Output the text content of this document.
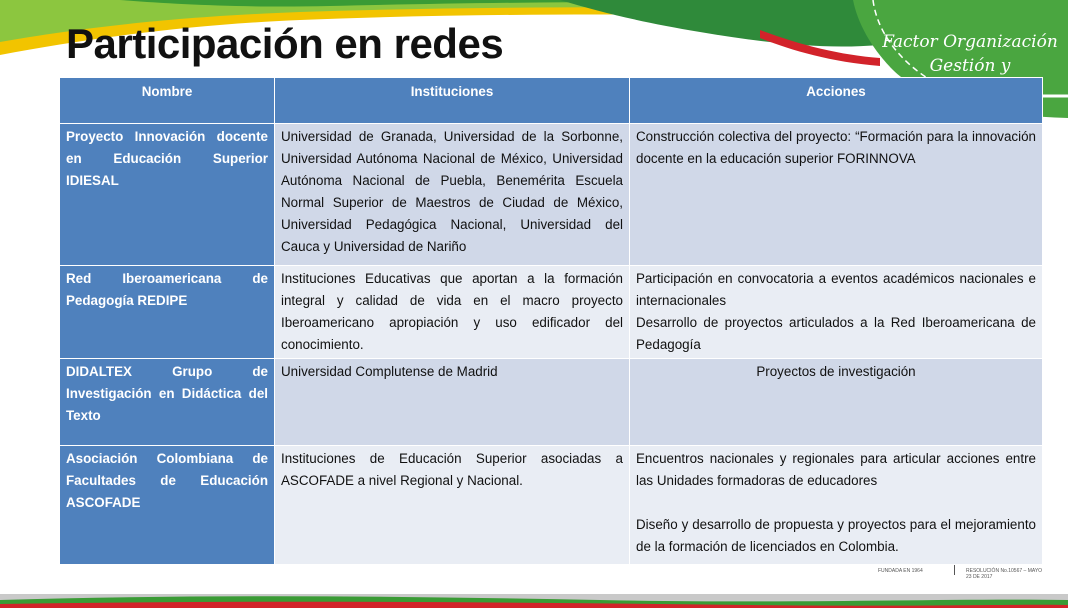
Factor Organización
Gestión y
Participación en redes
Nombre	Instituciones	Acciones
Proyecto Innovación docente en Educación Superior IDIESAL	Universidad de Granada, Universidad de la Sorbonne, Universidad Autónoma Nacional de México, Universidad Autónoma Nacional de Puebla, Benemérita Escuela Normal Superior de Maestros de Ciudad de México, Universidad Pedagógica Nacional, Universidad del Cauca y Universidad de Nariño	Construcción colectiva del proyecto: “Formación para la innovación docente en la educación superior FORINNOVA

Red Iberoamericana de Pedagogía REDIPE	Instituciones Educativas que aportan a la formación integral y calidad de vida en el macro proyecto Iberoamericano apropiación y uso edificador del conocimiento.	Participación en convocatoria a eventos académicos nacionales e internacionales
Desarrollo de proyectos articulados a la Red Iberoamericana de Pedagogía

DIDALTEX Grupo de Investigación en Didáctica del Texto	Universidad Complutense de Madrid	Proyectos de investigación

Asociación Colombiana de Facultades de Educación ASCOFADE	Instituciones de Educación Superior asociadas a ASCOFADE a nivel Regional y Nacional.	Encuentros nacionales y regionales para articular acciones entre las Unidades formadoras de educadores
Diseño y desarrollo de propuesta y proyectos para el mejoramiento de la formación de licenciados en Colombia.
FUNDADA EN 1964	RESOLUCIÓN No.10567 – MAYO 23 DE 2017
